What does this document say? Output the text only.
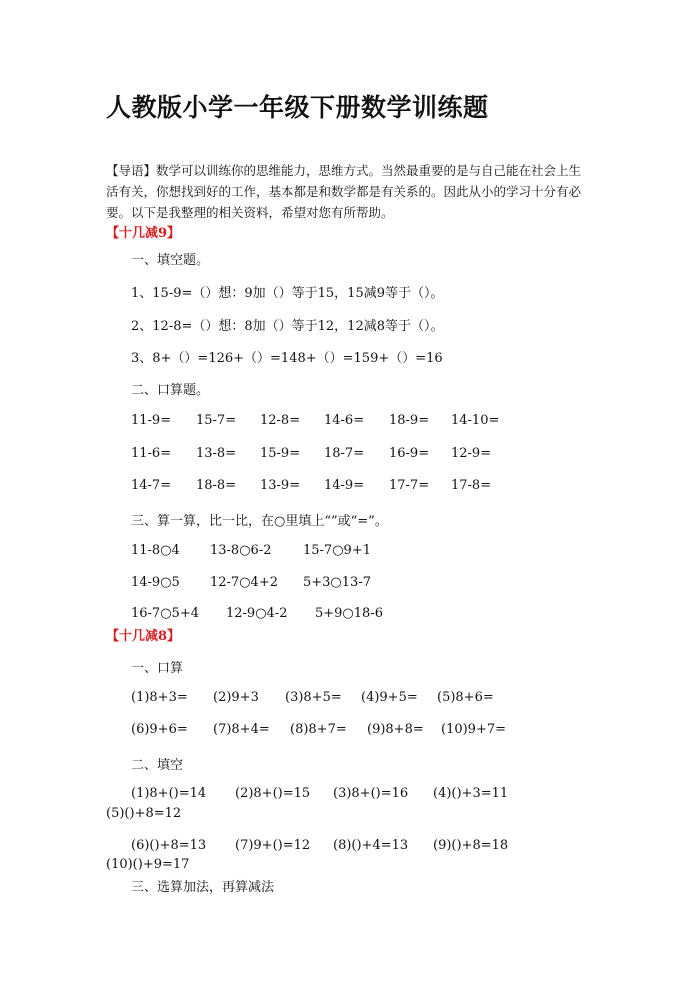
人教版小学一年级下册数学训练题
【导语】数学可以训练你的思维能力，思维方式。当然最重要的是与自己能在社会上生活有关，你想找到好的工作，基本都是和数学都是有关系的。因此从小的学习十分有必要。以下是我整理的相关资料，希望对您有所帮助。
【十几减9】
一、填空题。
1、15-9=（）想：9加（）等于15，15减9等于（）。
2、12-8=（）想：8加（）等于12，12减8等于（）。
3、8+（）=126+（）=148+（）=159+（）=16
二、口算题。
11-9= 15-7= 12-8= 14-6= 18-9= 14-10=
11-6= 13-8= 15-9= 18-7= 16-9= 12-9=
14-7= 18-8= 13-9= 14-9= 17-7= 17-8=
三、算一算，比一比，在○里填上“”或“=”。
11-8○4 13-8○6-2 15-7○9+1
14-9○5 12-7○4+2 5+3○13-7
16-7○5+4 12-9○4-2 5+9○18-6
【十几减8】
一、口算
(1)8+3= (2)9+3 (3)8+5= (4)9+5= (5)8+6=
(6)9+6= (7)8+4= (8)8+7= (9)8+8= (10)9+7=
二、填空
(1)8+()=14 (2)8+()=15 (3)8+()=16 (4)()+3=11
(5)()+8=12
(6)()+8=13 (7)9+()=12 (8)()+4=13 (9)()+8=18
(10)()+9=17
三、选算加法，再算减法
